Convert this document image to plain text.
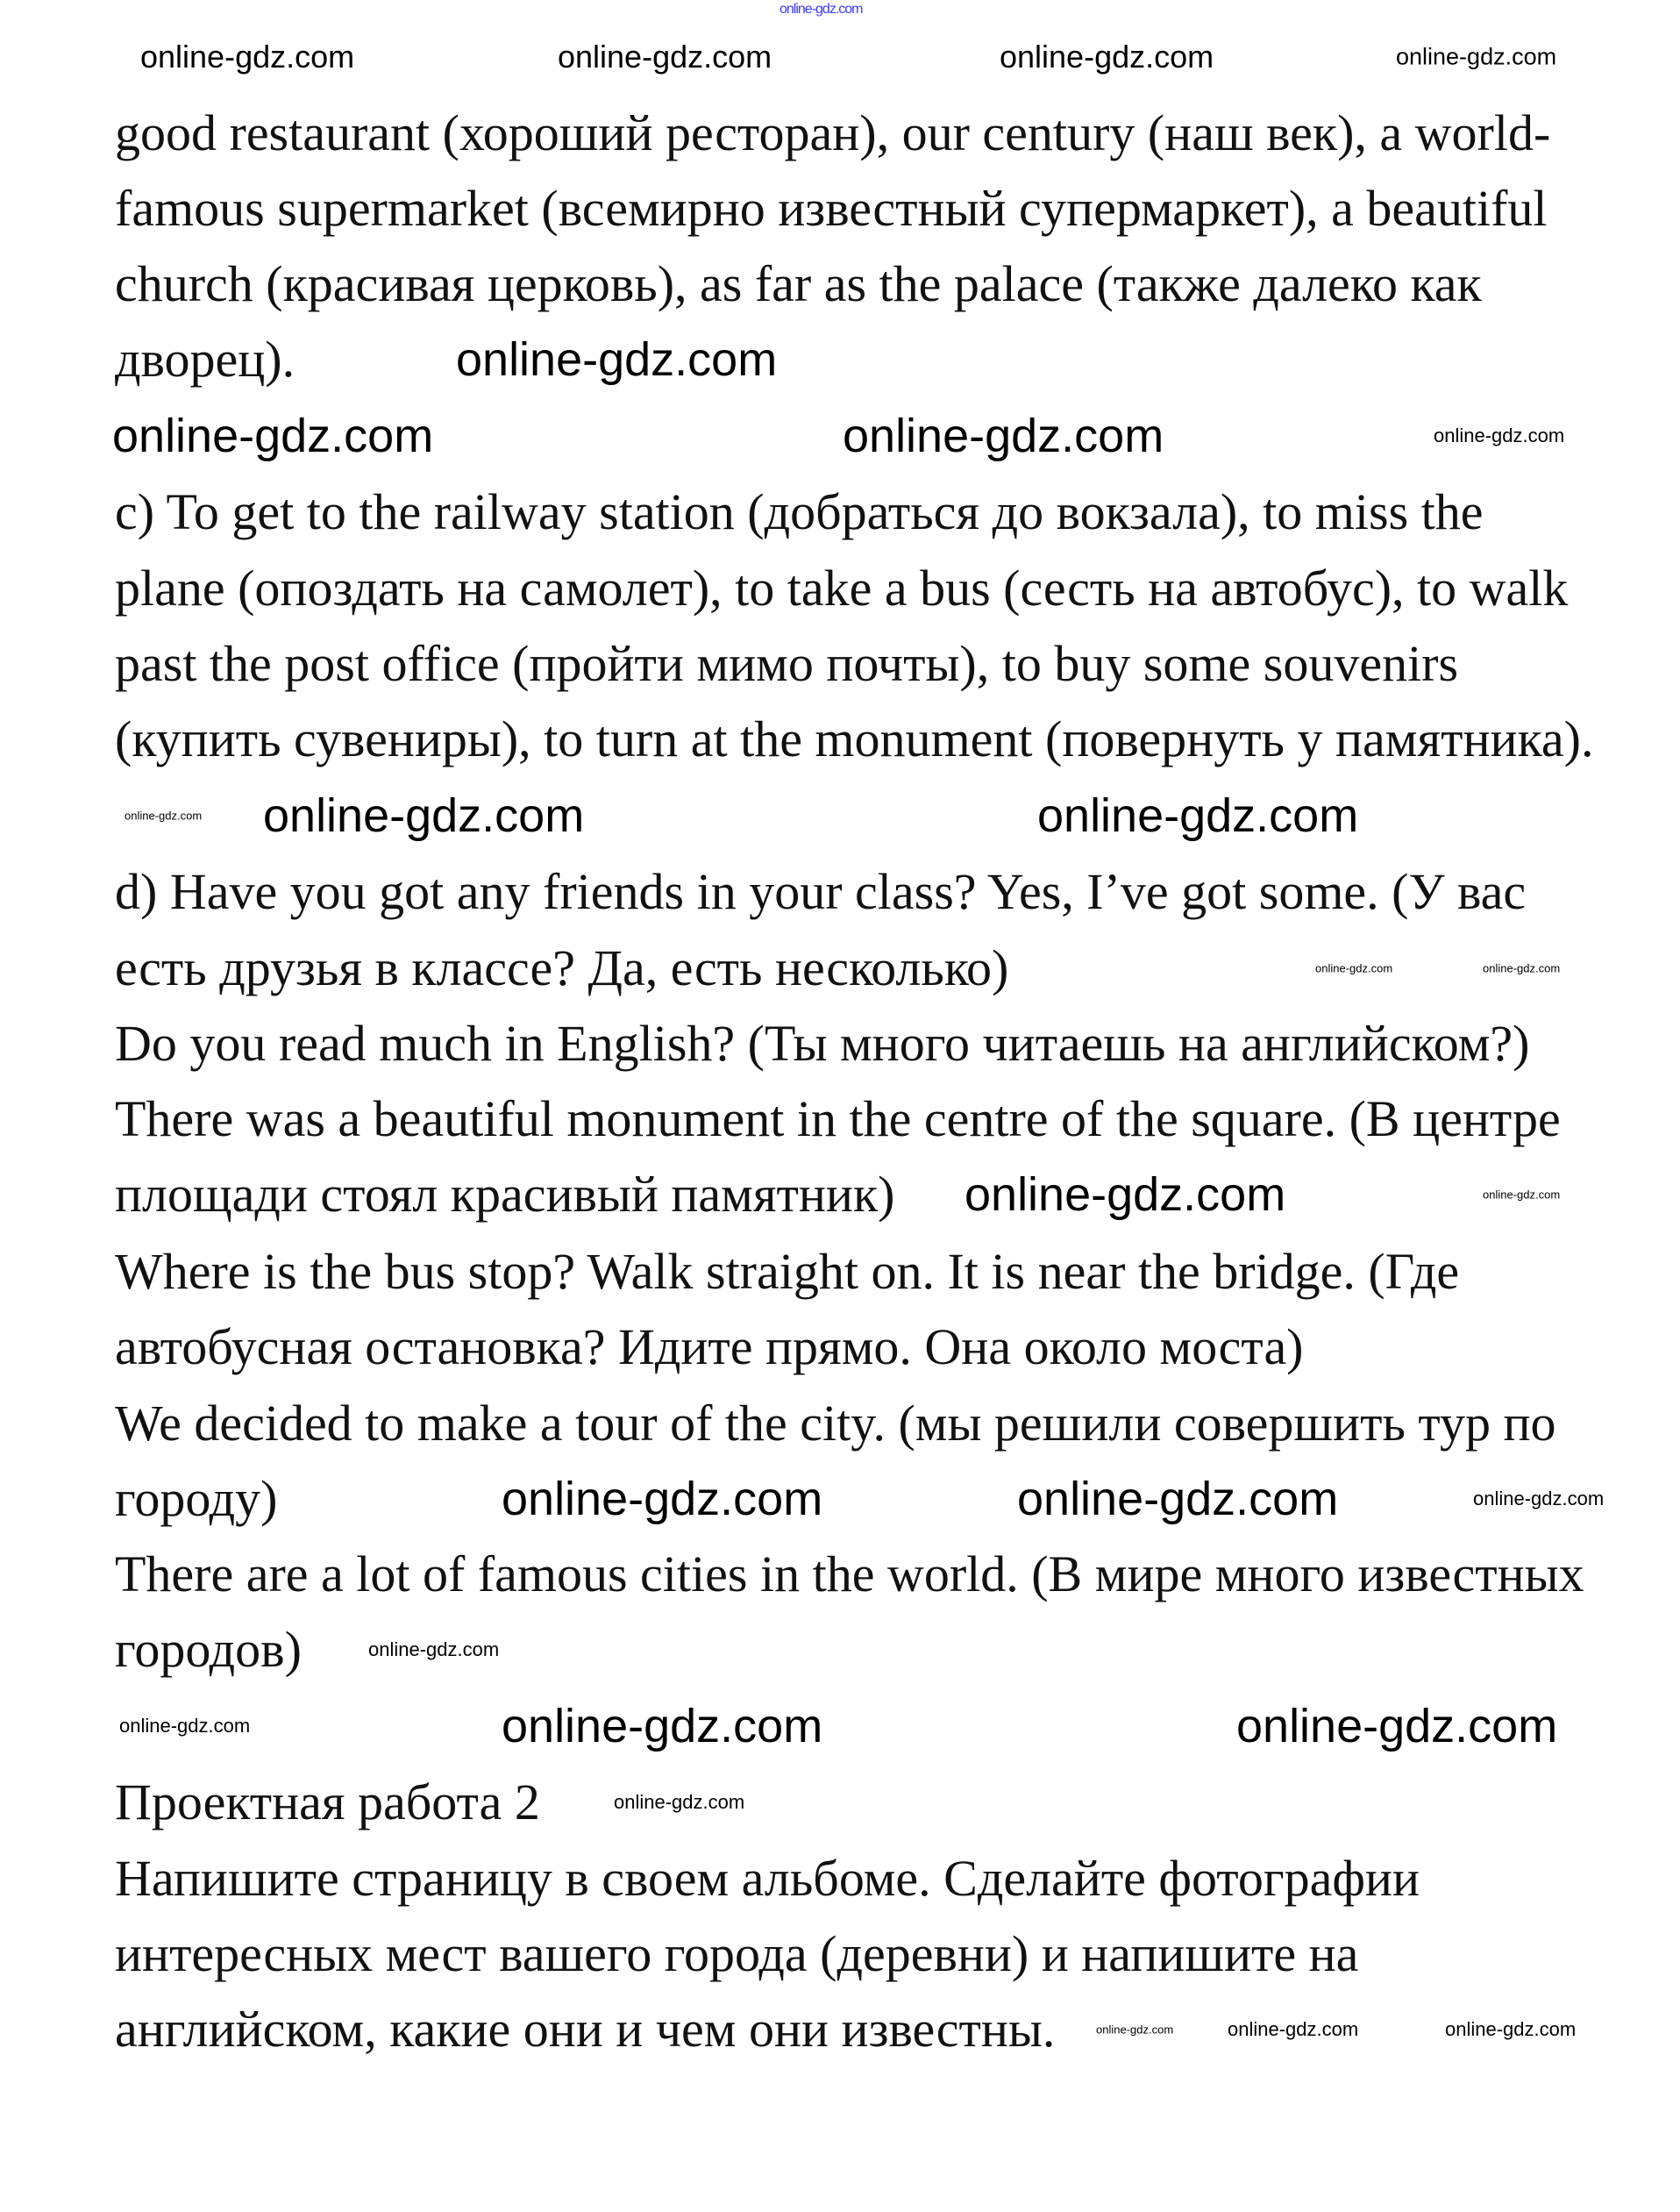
good restaurant (хороший ресторан), our century (наш век), a world-
famous supermarket (всемирно известный супермаркет), a beautiful
church (красивая церковь), as far as the palace (также далеко как
дворец).
c) To get to the railway station (добраться до вокзала), to miss the
plane (опоздать на самолет), to take a bus (сесть на автобус), to walk
past the post office (пройти мимо почты), to buy some souvenirs
(купить сувениры), to turn at the monument (повернуть у памятника).
d) Have you got any friends in your class? Yes, I’ve got some. (У вас
есть друзья в классе? Да, есть несколько)
Do you read much in English? (Ты много читаешь на английском?)
There was a beautiful monument in the centre of the square. (В центре
площади стоял красивый памятник)
Where is the bus stop? Walk straight on. It is near the bridge. (Где
автобусная остановка? Идите прямо. Она около моста)
We decided to make a tour of the city. (мы решили совершить тур по
городу)
There are a lot of famous cities in the world. (В мире много известных
городов)
Проектная работа 2
Напишите страницу в своем альбоме. Сделайте фотографии
интересных мест вашего города (деревни) и напишите на
английском, какие они и чем они известны.
online-gdz.com
online-gdz.com	online-gdz.com	online-gdz.com	online-gdz.com
online-gdz.com
online-gdz.com	online-gdz.com	online-gdz.com
online-gdz.com online-gdz.com	online-gdz.com
online-gdz.com	online-gdz.com
online-gdz.com	online-gdz.com
online-gdz.com	online-gdz.com	online-gdz.com
online-gdz.com
online-gdz.com	online-gdz.com	online-gdz.com
online-gdz.com
online-gdz.com	online-gdz.com	online-gdz.com
